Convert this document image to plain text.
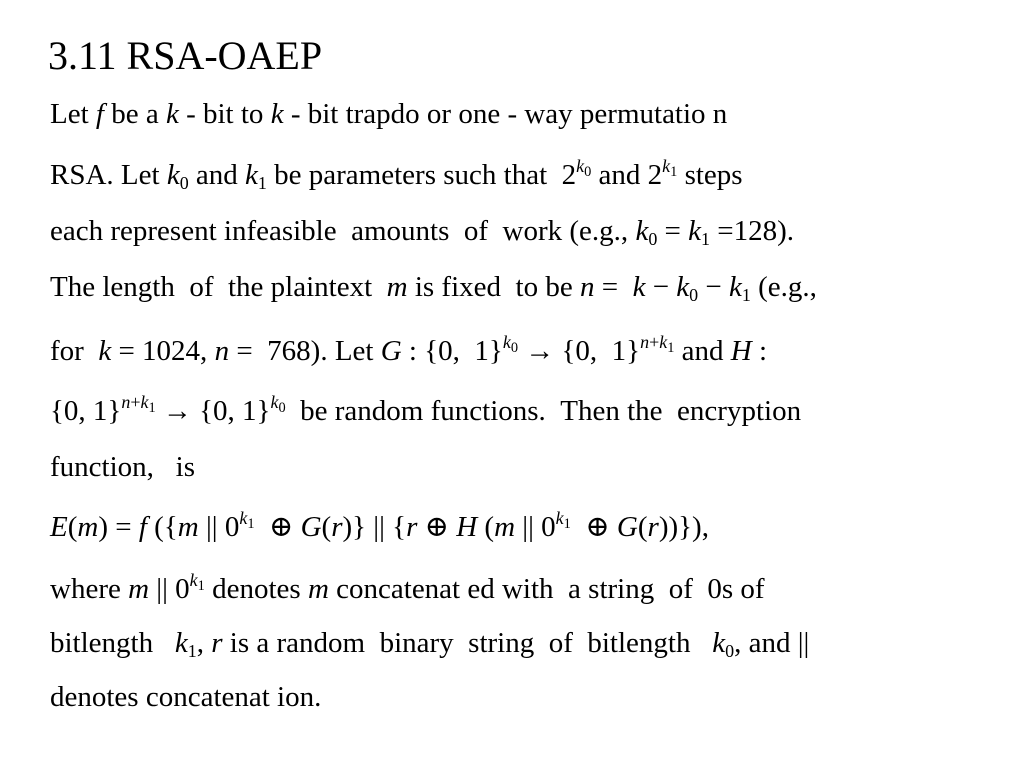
3.11 RSA-OAEP
Let f be a k - bit to k - bit trapdo or one - way permutatio n
RSA. Let $k_0$ and $k_1$ be parameters such that  $2^{k_0}$ and $2^{k_1}$ steps
each represent infeasible  amounts  of  work (e.g., $k_0 = k_1 =128$).
The length  of  the plaintext  m is fixed  to be $n = k - k_0 - k_1$ (e.g.,
for  k = 1024, n =  768). Let G : {0,  1}$^{k_0}$ → {0,  1}$^{n+k_1}$ and H :
{0, 1}$^{n+k_1}$ → {0, 1}$^{k_0}$  be random functions.  Then the  encryption
function,   is
E(m) = f ({m || $0^{k_1}$  ⊕ G(r)} || {r ⊕ H (m || $0^{k_1}$  ⊕ G(r))}),
where m || $0^{k_1}$ denotes m concatenat ed with  a string  of  0s of
bitlength   $k_1$, r is a random  binary  string  of  bitlength   $k_0$, and ||
denotes concatenat ion.
